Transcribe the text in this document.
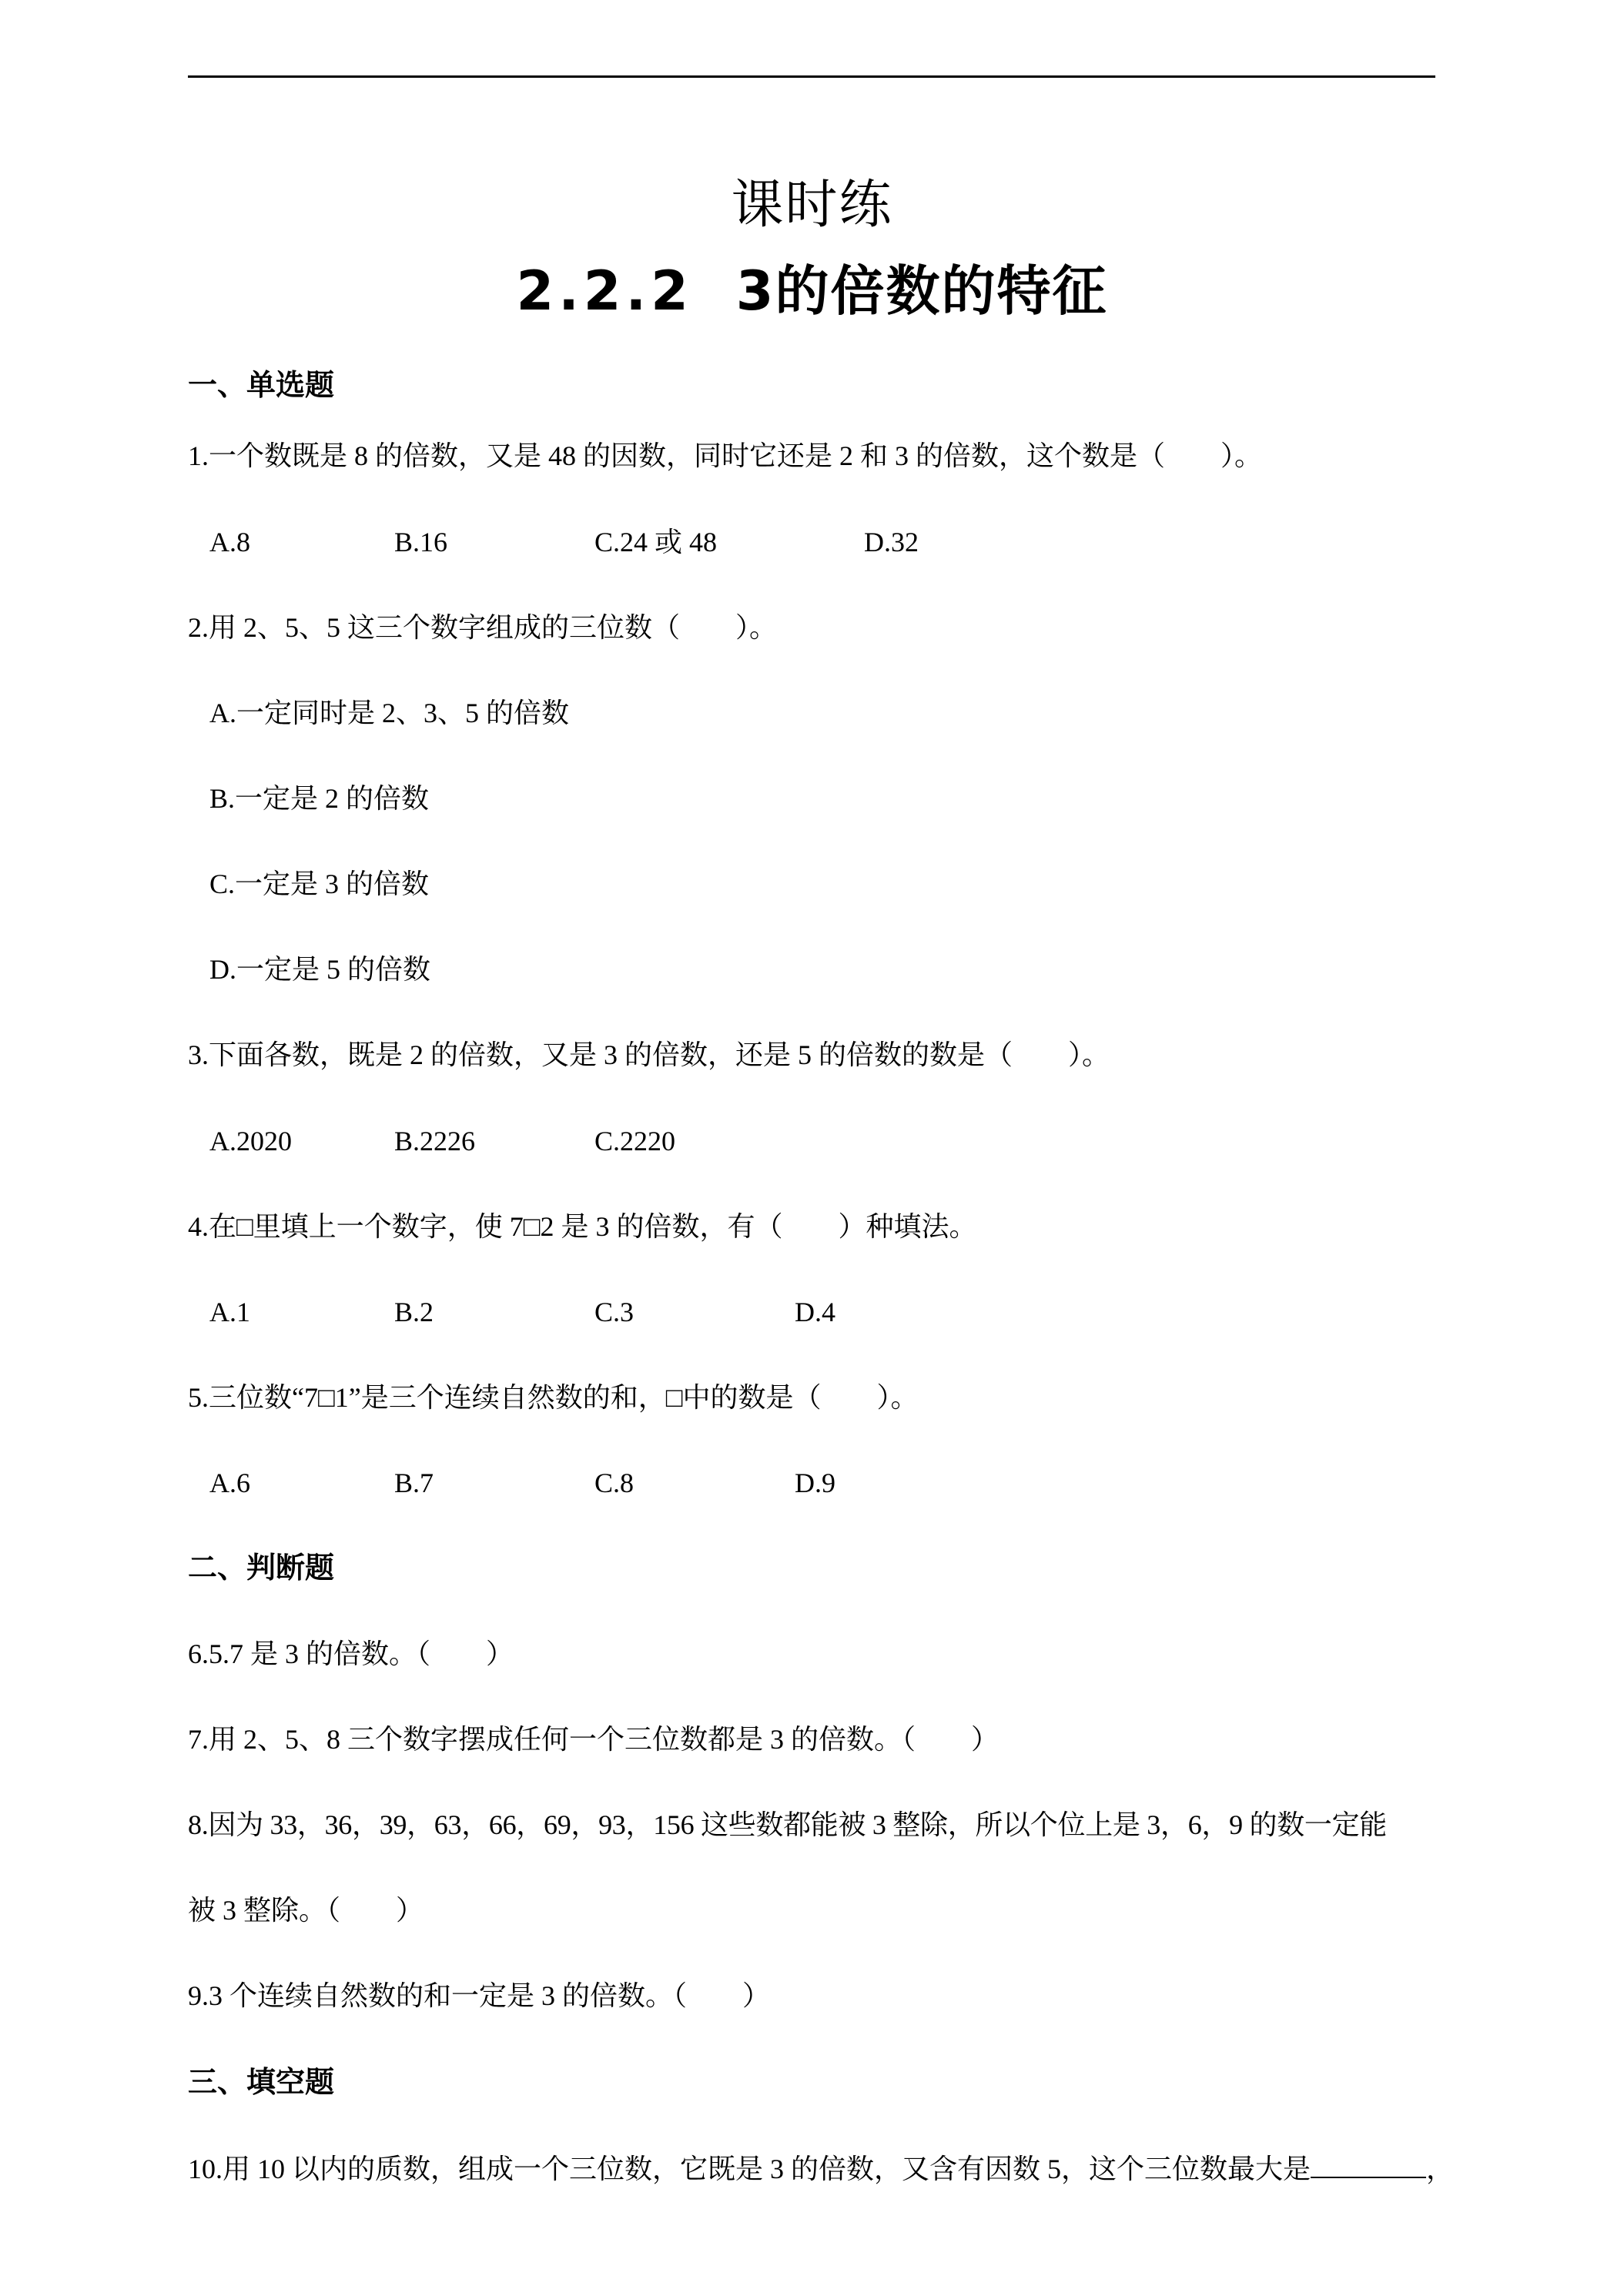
课时练
2.2.2 3的倍数的特征
一、单选题
1.一个数既是 8 的倍数，又是 48 的因数，同时它还是 2 和 3 的倍数，这个数是（　　）。
A.8	B.16	C.24 或 48	D.32
2.用 2、5、5 这三个数字组成的三位数（　　）。
A.一定同时是 2、3、5 的倍数
B.一定是 2 的倍数
C.一定是 3 的倍数
D.一定是 5 的倍数
3.下面各数，既是 2 的倍数，又是 3 的倍数，还是 5 的倍数的数是（　　）。
A.2020	B.2226	C.2220
4.在□里填上一个数字，使 7□2 是 3 的倍数，有（　　）种填法。
A.1	B.2	C.3	D.4
5.三位数“7□1”是三个连续自然数的和，□中的数是（　　）。
A.6	B.7	C.8	D.9
二、判断题
6.5.7 是 3 的倍数。（　　）
7.用 2、5、8 三个数字摆成任何一个三位数都是 3 的倍数。（　　）
8.因为 33，36，39，63，66，69，93，156 这些数都能被 3 整除，所以个位上是 3，6，9 的数一定能
被 3 整除。（　　）
9.3 个连续自然数的和一定是 3 的倍数。（　　）
三、填空题
10.用 10 以内的质数，组成一个三位数，它既是 3 的倍数，又含有因数 5，这个三位数最大是	，
